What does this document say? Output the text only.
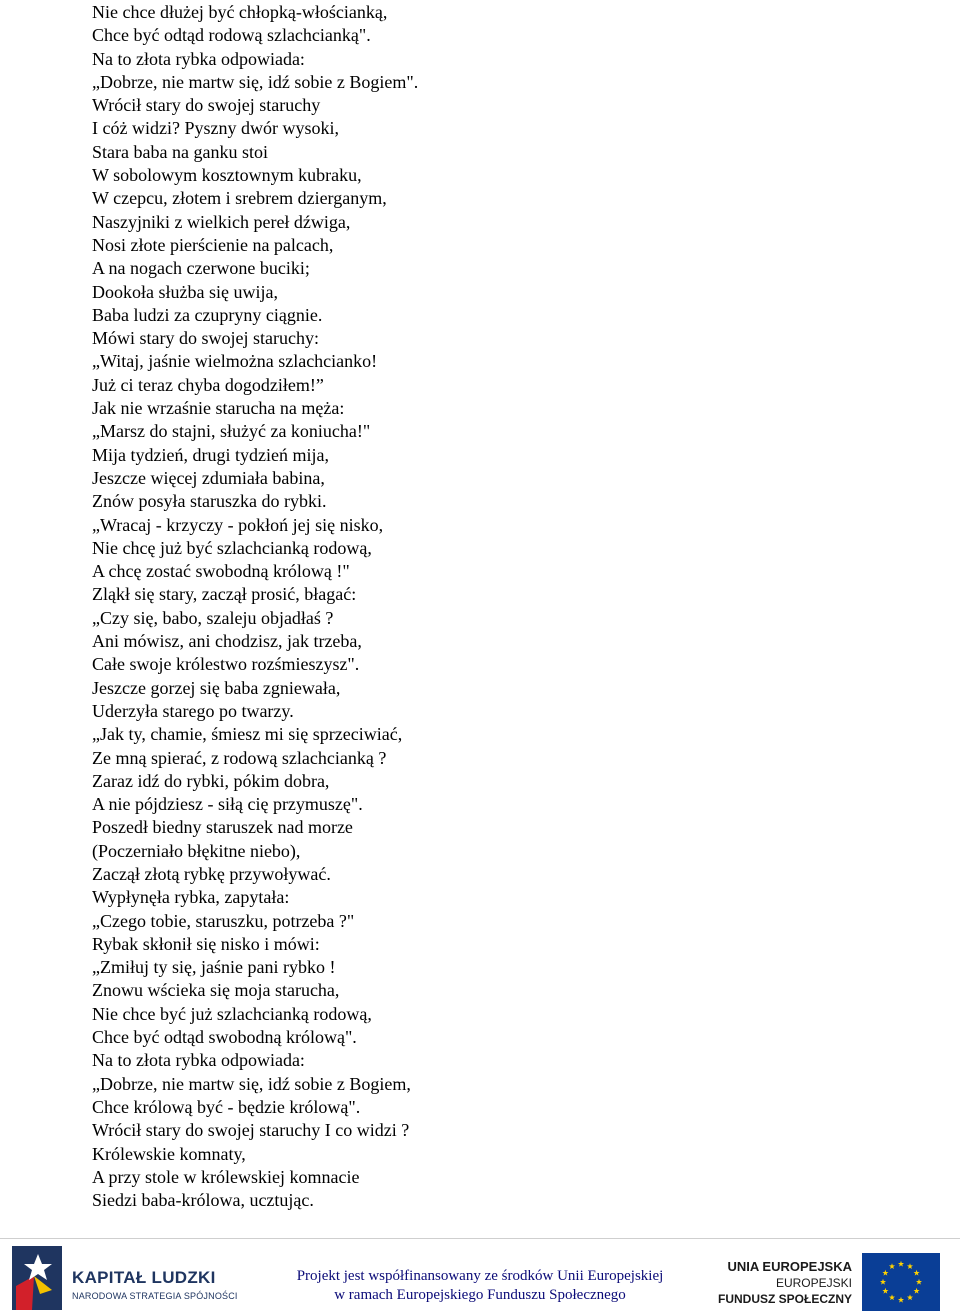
Nie chce dłużej być chłopką-włościanką,
Chce być odtąd rodową szlachcianką".
Na to złota rybka odpowiada:
„Dobrze, nie martw się, idź sobie z Bogiem".
Wrócił stary do swojej staruchy
I cóż widzi? Pyszny dwór wysoki,
Stara baba na ganku stoi
W sobolowym kosztownym kubraku,
W czepcu, złotem i srebrem dzierganym,
Naszyjniki z wielkich pereł dźwiga,
Nosi złote pierścienie na palcach,
A na nogach czerwone buciki;
Dookoła służba się uwija,
Baba ludzi za czupryny ciągnie.
Mówi stary do swojej staruchy:
„Witaj, jaśnie wielmożna szlachcianko!
Już ci teraz chyba dogodziłem!”
Jak nie wrzaśnie starucha na męża:
„Marsz do stajni, służyć za koniucha!"
Mija tydzień, drugi tydzień mija,
Jeszcze więcej zdumiała babina,
Znów posyła staruszka do rybki.
„Wracaj - krzyczy - pokłoń jej się nisko,
Nie chcę już być szlachcianką rodową,
A chcę zostać swobodną królową !"
Zląkł się stary, zaczął prosić, błagać:
„Czy się, babo, szaleju objadłaś ?
Ani mówisz, ani chodzisz, jak trzeba,
Całe swoje królestwo rozśmieszysz".
Jeszcze gorzej się baba zgniewała,
Uderzyła starego po twarzy.
„Jak ty, chamie, śmiesz mi się sprzeciwiać,
Ze mną spierać, z rodową szlachcianką ?
Zaraz idź do rybki, pókim dobra,
A nie pójdziesz - siłą cię przymuszę".
Poszedł biedny staruszek nad morze
(Poczerniało błękitne niebo),
Zaczął złotą rybkę przywoływać.
Wypłynęła rybka, zapytała:
„Czego tobie, staruszku, potrzeba ?"
Rybak skłonił się nisko i mówi:
„Zmiłuj ty się, jaśnie pani rybko !
Znowu wścieka się moja starucha,
Nie chce być już szlachcianką rodową,
Chce być odtąd swobodną królową".
Na to złota rybka odpowiada:
„Dobrze, nie martw się, idź sobie z Bogiem,
Chce królową być - będzie królową".
Wrócił stary do swojej staruchy I co widzi ?
Królewskie komnaty,
A przy stole w królewskiej komnacie
Siedzi baba-królowa, ucztując.
KAPITAŁ LUDZKI
NARODOWA STRATEGIA SPÓJNOŚCI
Projekt jest współfinansowany ze środków Unii Europejskiej
w ramach Europejskiego Funduszu Społecznego
UNIA EUROPEJSKA
EUROPEJSKI
FUNDUSZ SPOŁECZNY
